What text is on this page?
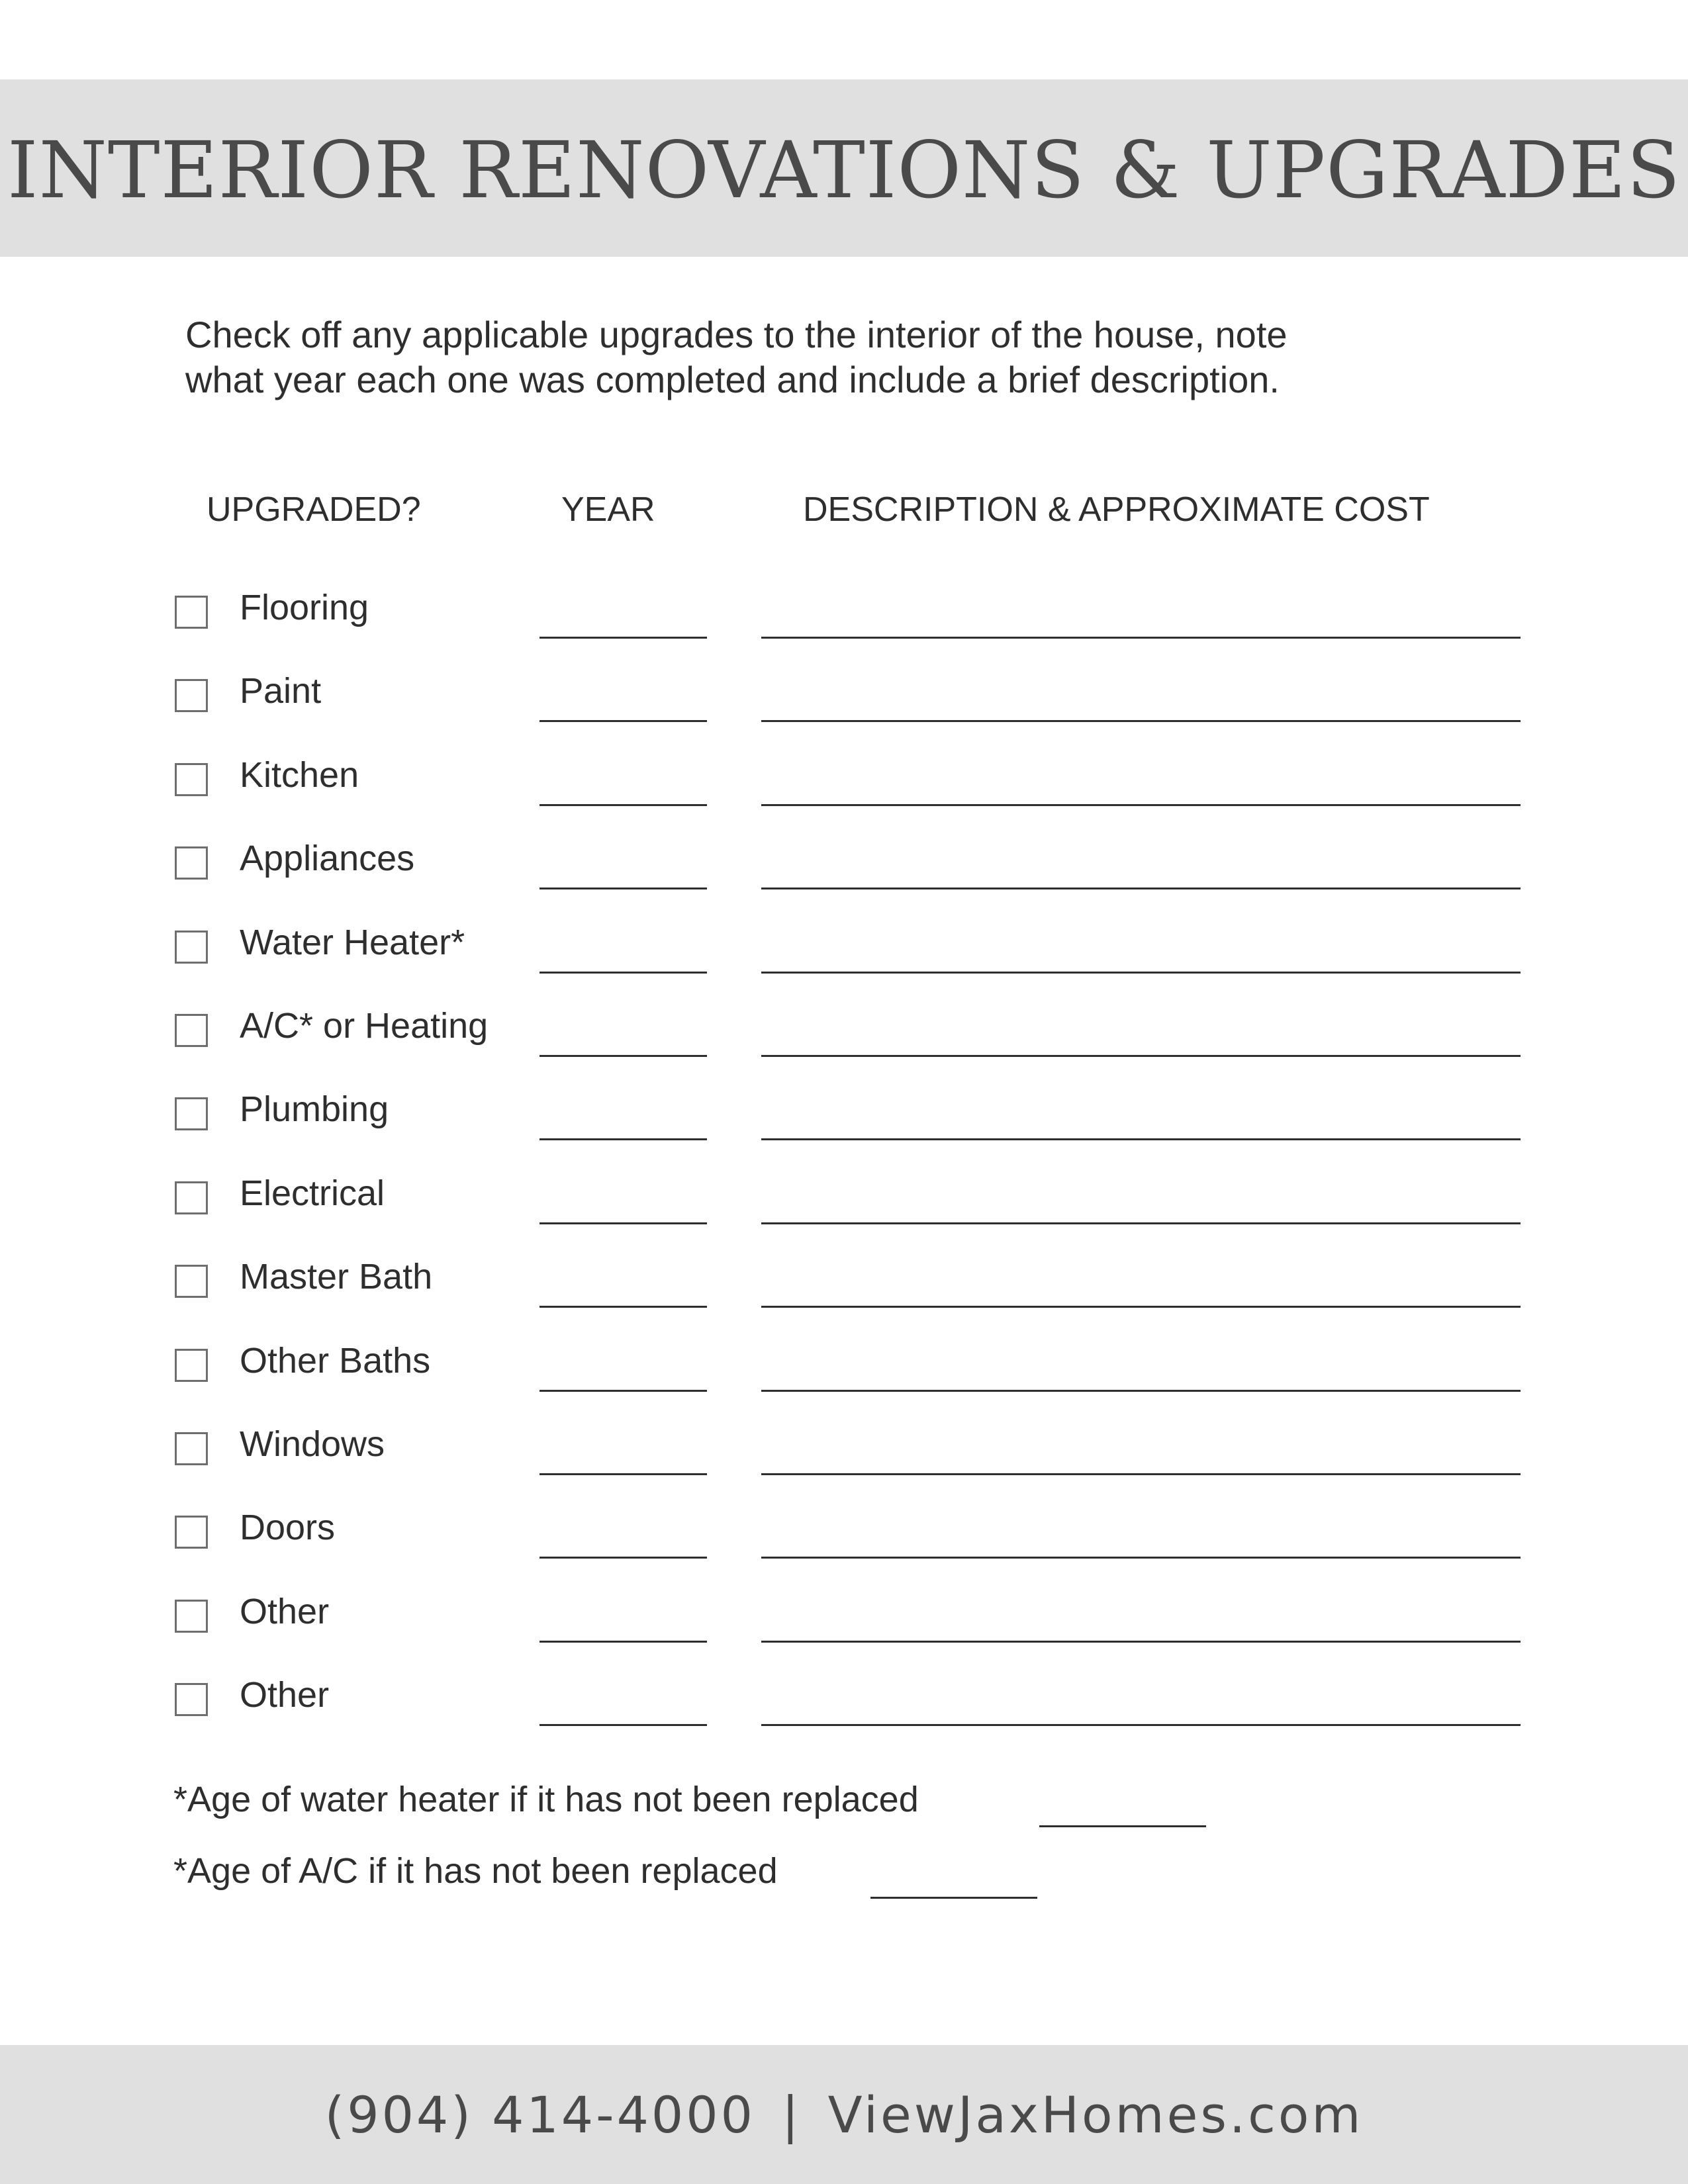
INTERIOR RENOVATIONS & UPGRADES
Check off any applicable upgrades to the interior of the house, note
what year each one was completed and include a brief description.
UPGRADED?	YEAR	DESCRIPTION & APPROXIMATE COST
Flooring
Paint
Kitchen
Appliances
Water Heater*
A/C* or Heating
Plumbing
Electrical
Master Bath
Other Baths
Windows
Doors
Other
Other
*Age of water heater if it has not been replaced
*Age of A/C if it has not been replaced
(904) 414-4000 | ViewJaxHomes.com
